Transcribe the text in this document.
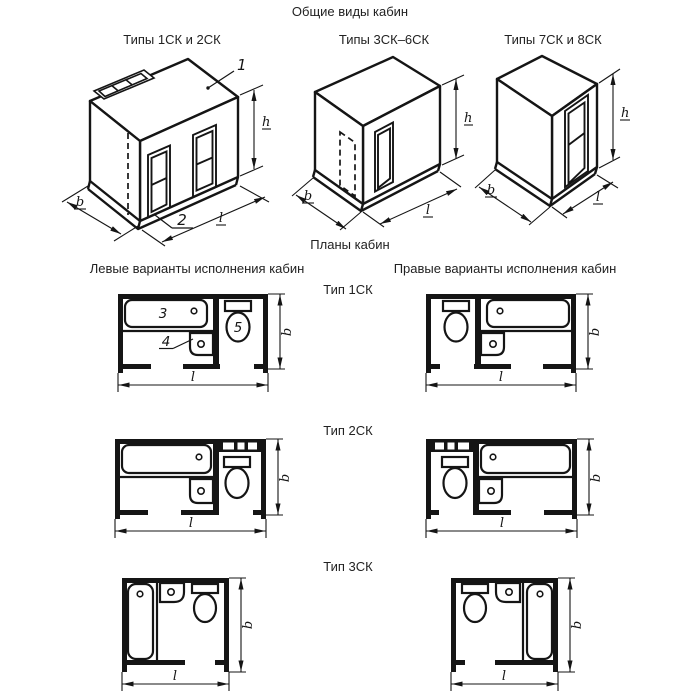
Общие виды кабин
Типы 1СК и 2СК	Типы 3СК–6СК	Типы 7СК и 8СК
1
2
b
l
h
b
l
h
b	l
h
Планы кабин
Левые варианты исполнения кабин	Правые варианты исполнения кабин
Тип 1СК
Тип 2СК
Тип 3СК
3
4
5	b
l
b
l
b
l
b
l
b
l
b
l
